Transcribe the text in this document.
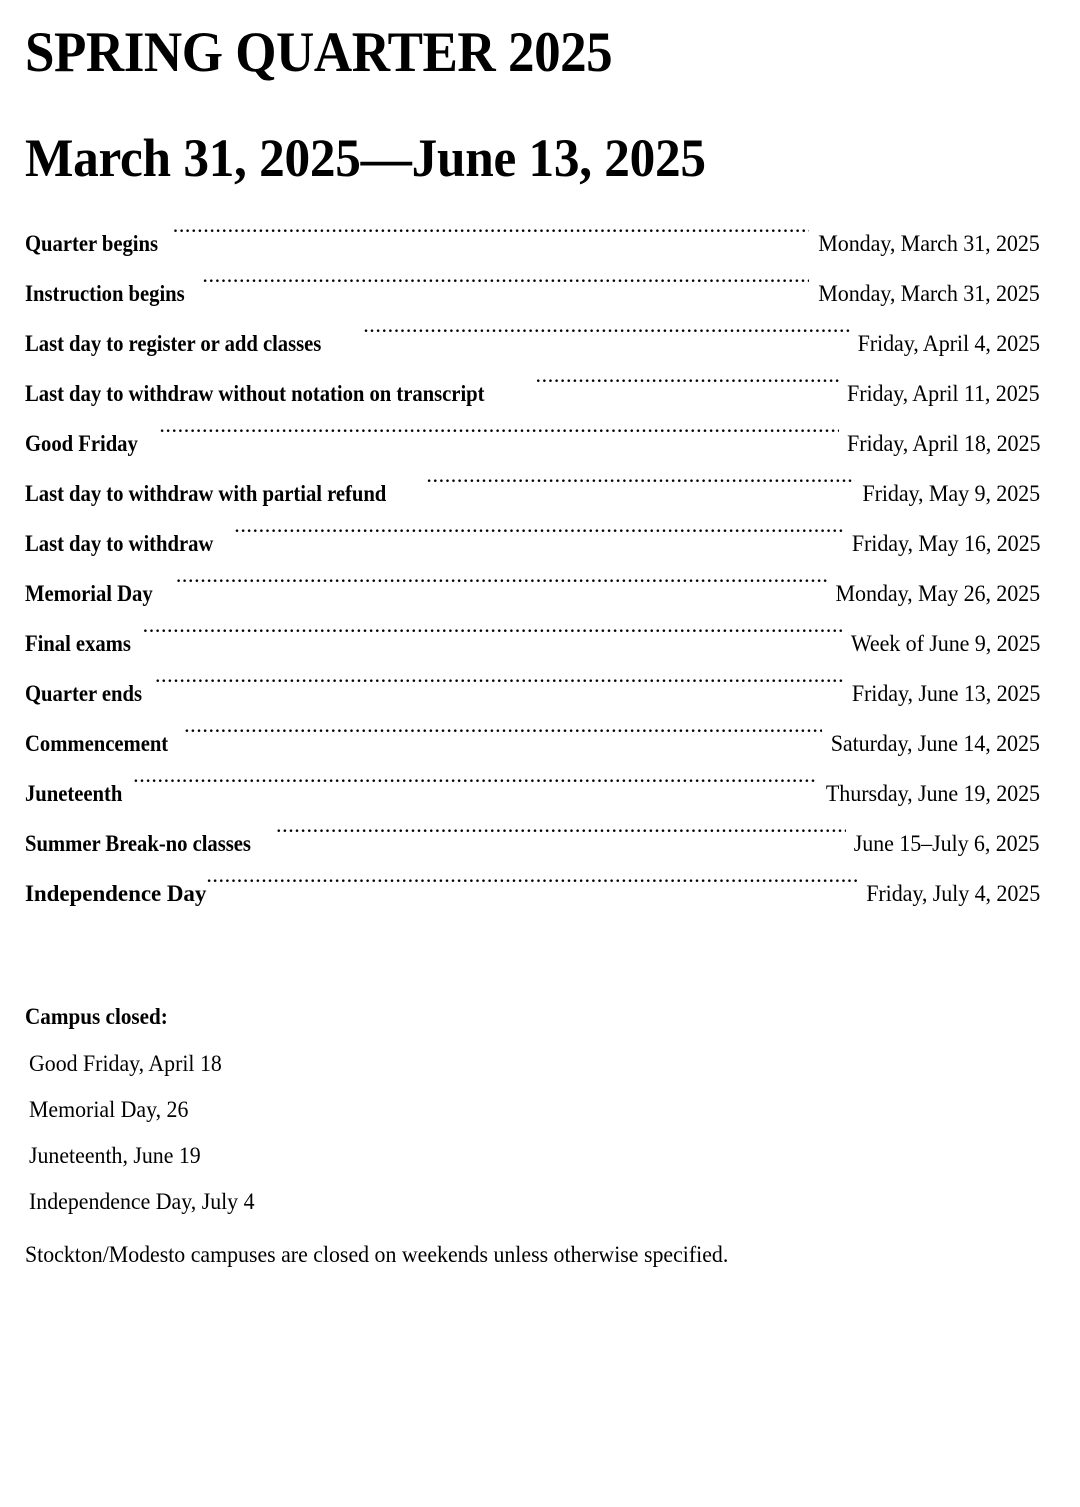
SPRING QUARTER 2025
March 31, 2025—June 13, 2025
Quarter begins .....	Monday, March 31, 2025
Instruction begins .....	Monday, March 31, 2025
Last day to register or add classes .....	Friday, April 4, 2025
Last day to withdraw without notation on transcript .....	Friday, April 11, 2025
Good Friday .....	Friday, April 18, 2025
Last day to withdraw with partial refund .....	Friday, May 9, 2025
Last day to withdraw .....	Friday, May 16, 2025
Memorial Day .....	Monday, May 26, 2025
Final exams .....	Week of June 9, 2025
Quarter ends .....	Friday, June 13, 2025
Commencement .....	Saturday, June 14, 2025
Juneteenth .....	Thursday, June 19, 2025
Summer Break-no classes .....	June 15–July 6, 2025
Independence Day .....	Friday, July 4, 2025
Campus closed:
Good Friday, April 18
Memorial Day, 26
Juneteenth, June 19
Independence Day, July 4

Stockton/Modesto campuses are closed on weekends unless otherwise specified.
